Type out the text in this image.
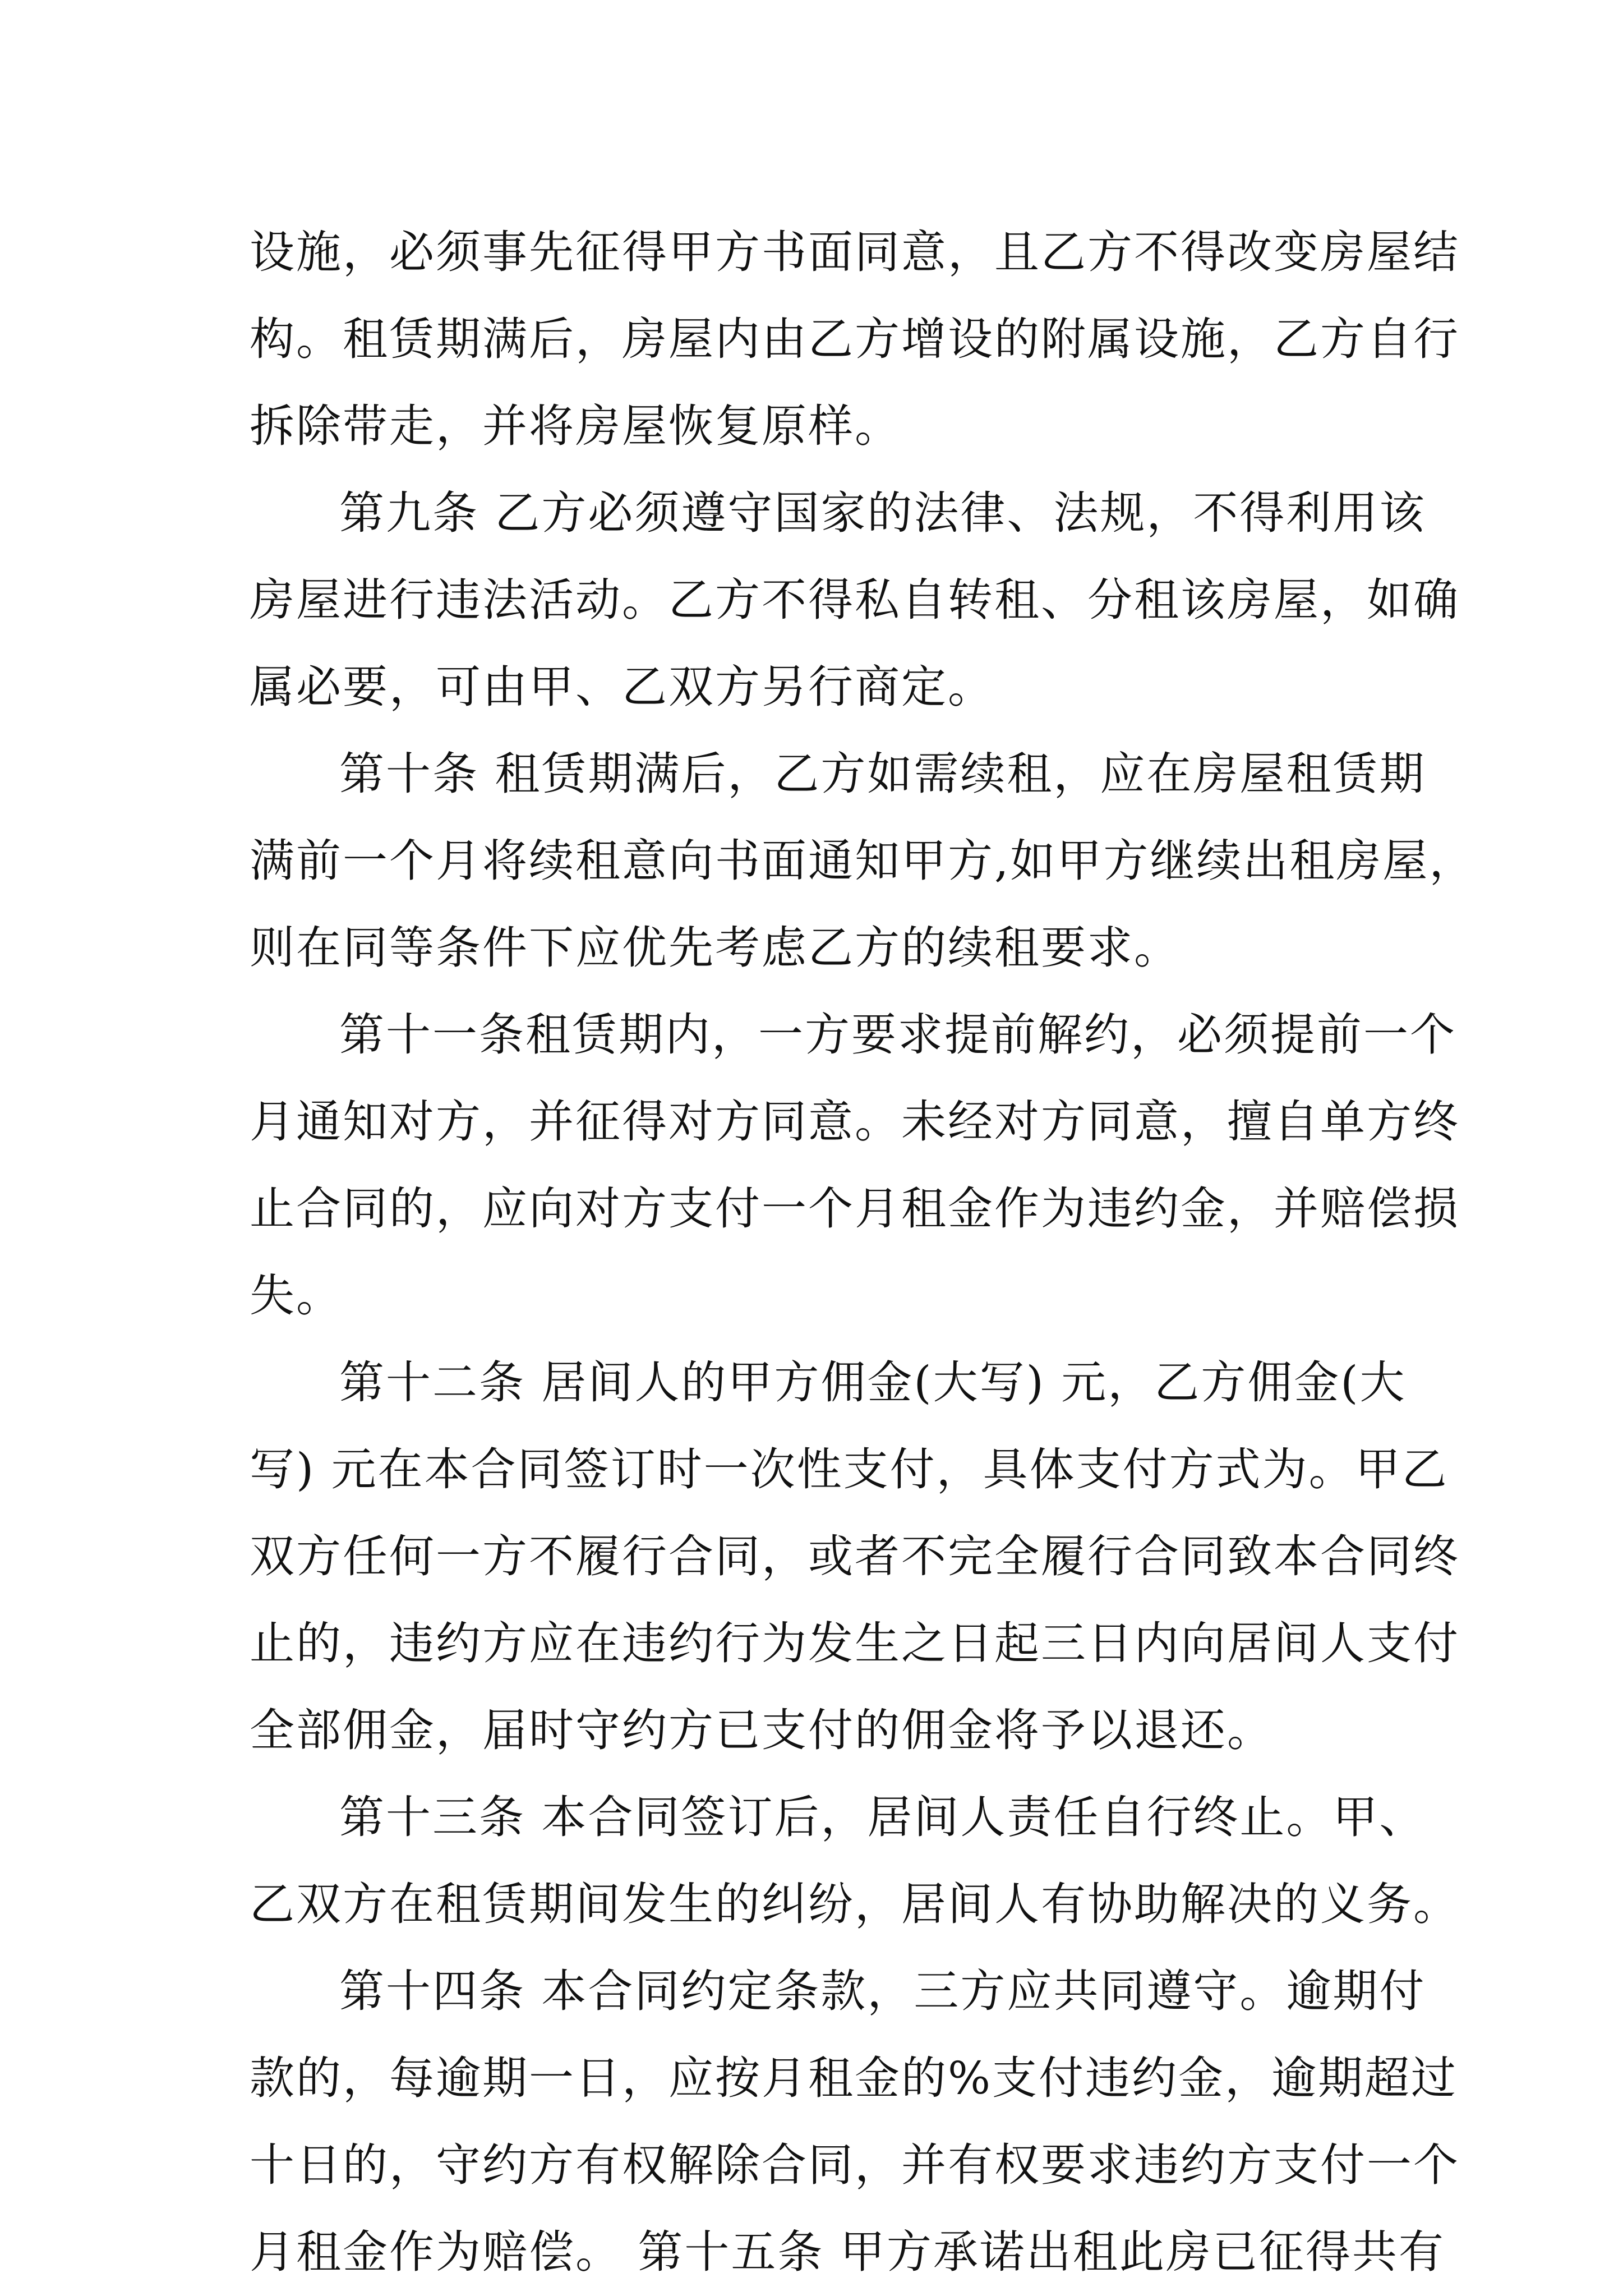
设施，必须事先征得甲方书面同意，且乙方不得改变房屋结
构。租赁期满后，房屋内由乙方增设的附属设施，乙方自行
拆除带走，并将房屋恢复原样。
第九条 乙方必须遵守国家的法律、法规，不得利用该
房屋进行违法活动。乙方不得私自转租、分租该房屋，如确
属必要，可由甲、乙双方另行商定。
第十条 租赁期满后，乙方如需续租，应在房屋租赁期
满前一个月将续租意向书面通知甲方,如甲方继续出租房屋，
则在同等条件下应优先考虑乙方的续租要求。
第十一条租赁期内，一方要求提前解约，必须提前一个
月通知对方，并征得对方同意。未经对方同意，擅自单方终
止合同的，应向对方支付一个月租金作为违约金，并赔偿损
失。
第十二条 居间人的甲方佣金(大写) 元，乙方佣金(大
写) 元在本合同签订时一次性支付，具体支付方式为。甲乙
双方任何一方不履行合同，或者不完全履行合同致本合同终
止的，违约方应在违约行为发生之日起三日内向居间人支付
全部佣金，届时守约方已支付的佣金将予以退还。
第十三条 本合同签订后，居间人责任自行终止。甲、
乙双方在租赁期间发生的纠纷，居间人有协助解决的义务。
第十四条 本合同约定条款，三方应共同遵守。逾期付
款的，每逾期一日，应按月租金的%支付违约金，逾期超过
十日的，守约方有权解除合同，并有权要求违约方支付一个
月租金作为赔偿。 第十五条 甲方承诺出租此房已征得共有
